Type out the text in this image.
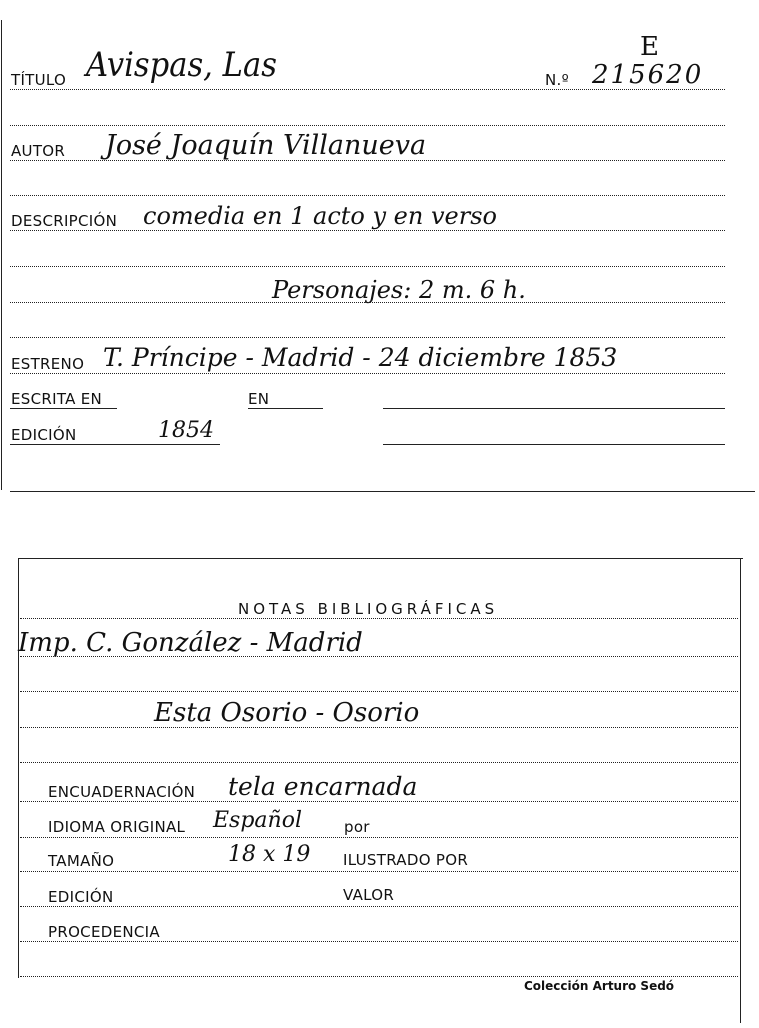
E
TÍTULO Avispas, Las	N.º 215620
AUTOR José Joaquín Villanueva
DESCRIPCIÓN comedia en 1 acto y en verso
Personajes: 2 m. 6 h.
ESTRENO T. Príncipe - Madrid - 24 diciembre 1853
ESCRITA EN	EN
EDICIÓN	1854
NOTAS BIBLIOGRÁFICAS
Imp. C. González - Madrid
Esta Osorio - Osorio
ENCUADERNACIÓN tela encarnada
IDIOMA ORIGINAL Español	por
TAMAÑO	18 x 19 ILUSTRADO POR
EDICIÓN	VALOR
PROCEDENCIA
Colección Arturo Sedó
